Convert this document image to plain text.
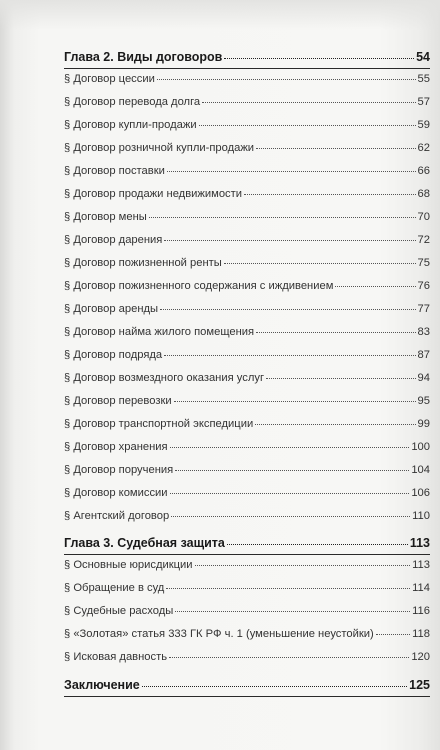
Глава 2. Виды договоров	54
§ Договор цессии	55
§ Договор перевода долга	57
§ Договор купли-продажи	59
§ Договор розничной купли-продажи	62
§ Договор поставки	66
§ Договор продажи недвижимости	68
§ Договор мены	70
§ Договор дарения	72
§ Договор пожизненной ренты	75
§ Договор пожизненного содержания с иждивением	76
§ Договор аренды	77
§ Договор найма жилого помещения	83
§ Договор подряда	87
§ Договор возмездного оказания услуг	94
§ Договор перевозки	95
§ Договор транспортной экспедиции	99
§ Договор хранения	100
§ Договор поручения	104
§ Договор комиссии	106
§ Агентский договор	110
Глава 3. Судебная защита	113
§ Основные юрисдикции	113
§ Обращение в суд	114
§ Судебные расходы	116
§ «Золотая» статья 333 ГК РФ ч. 1 (уменьшение неустойки)	118
§ Исковая давность	120
Заключение	125
